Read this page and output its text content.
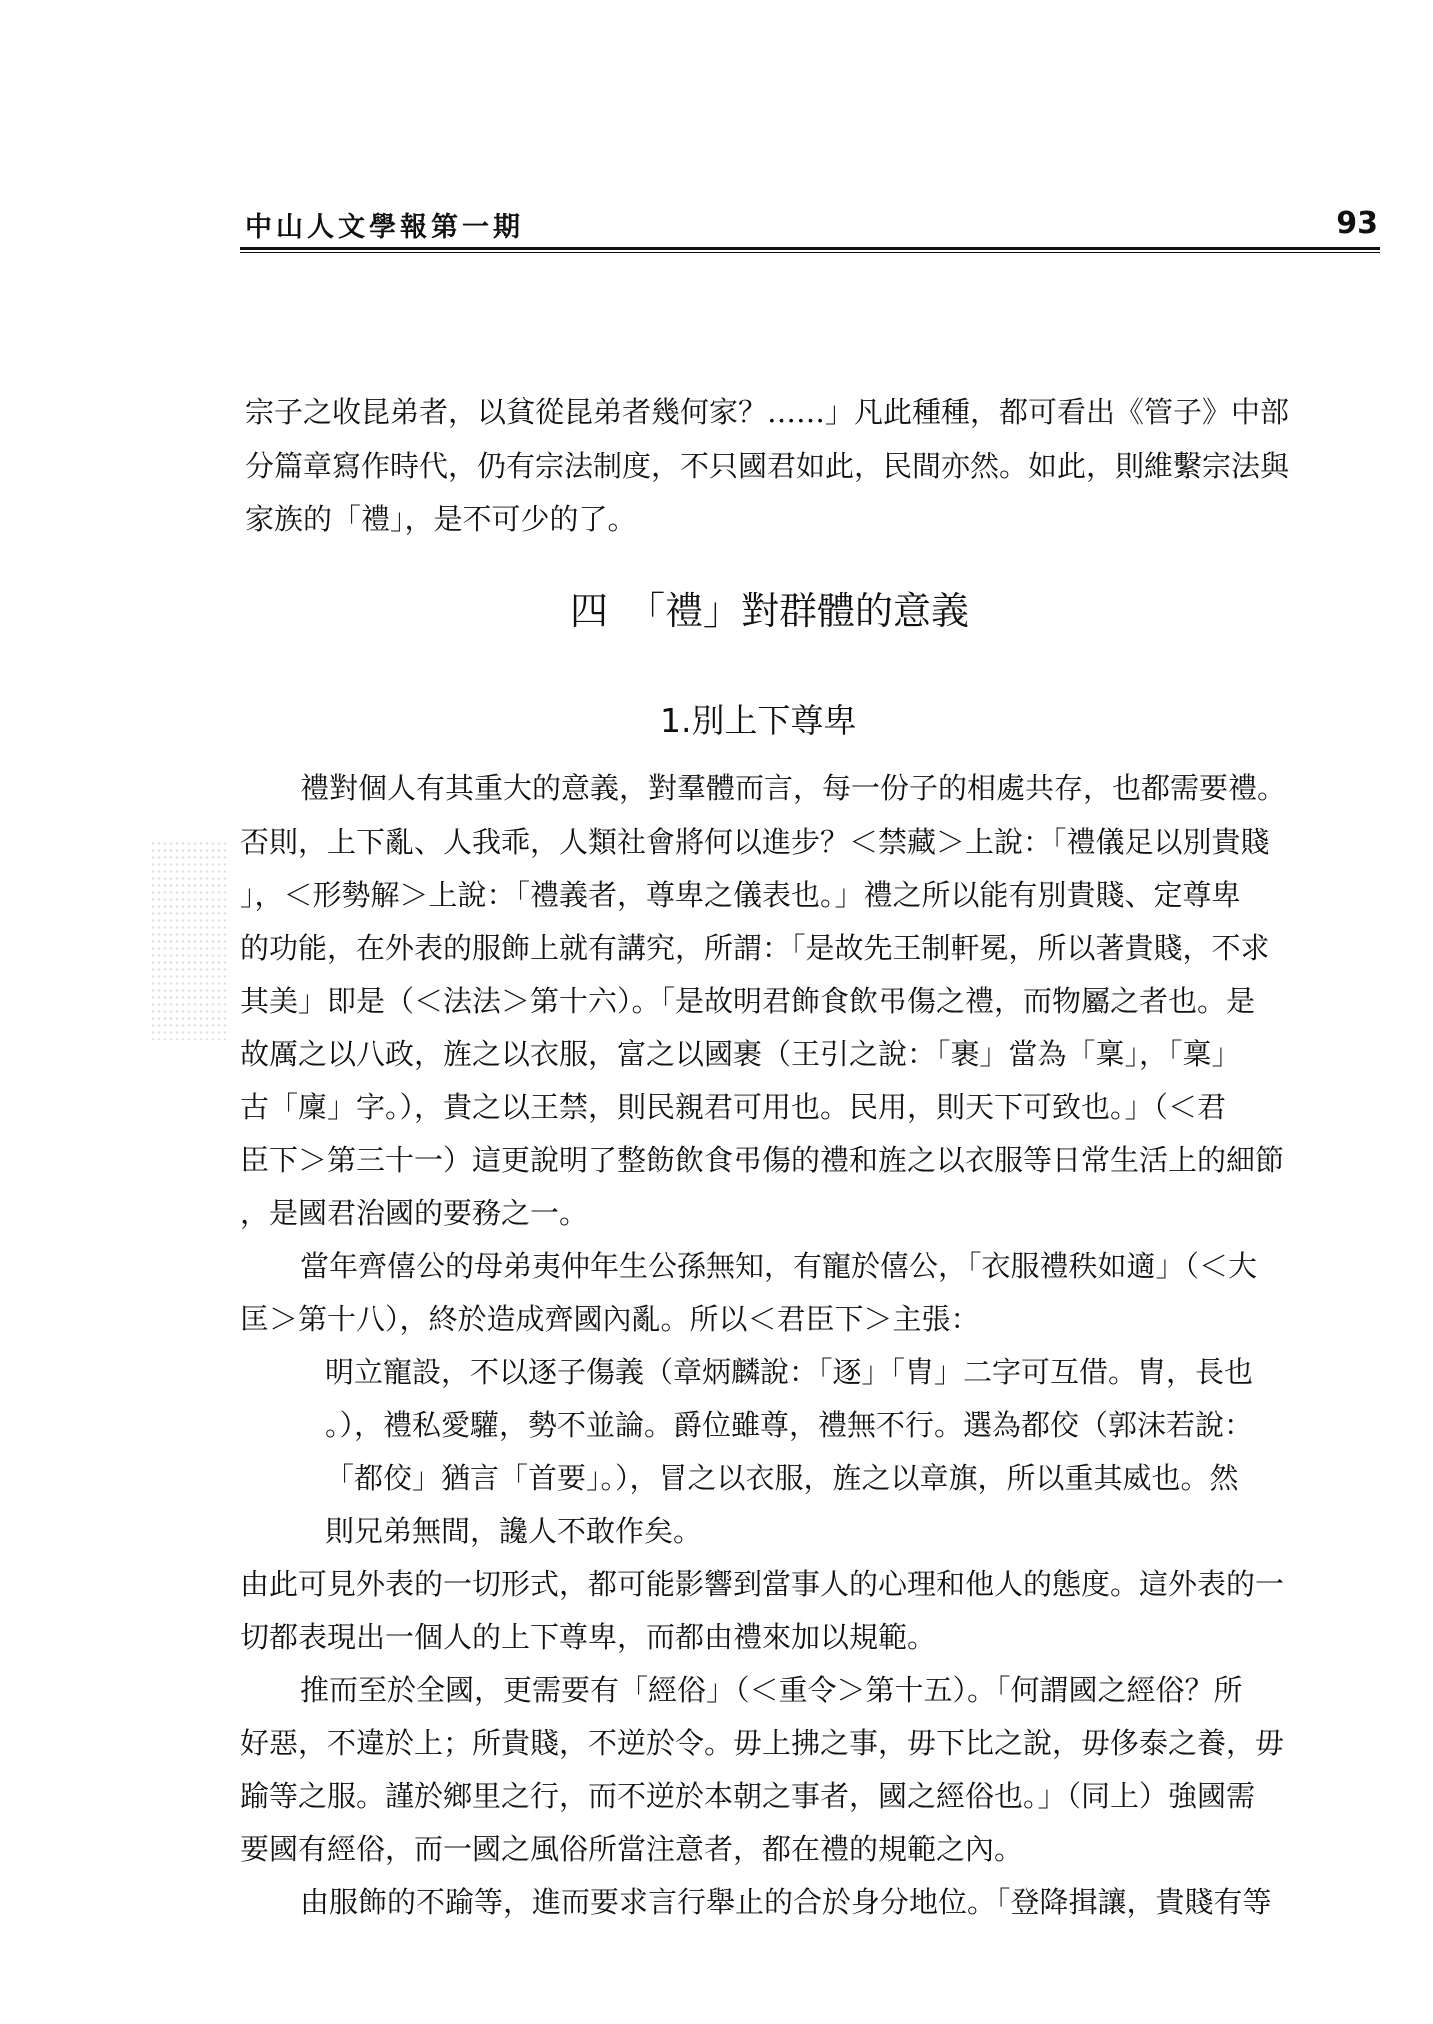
中山人文學報第一期	93

宗子之收昆弟者，以貧從昆弟者幾何家？……」凡此種種，都可看出《管子》中部

分篇章寫作時代，仍有宗法制度，不只國君如此，民間亦然。如此，則維繫宗法與

家族的「禮」，是不可少的了。

四　「禮」對群體的意義
1.別上下尊卑

禮對個人有其重大的意義，對羣體而言，每一份子的相處共存，也都需要禮。

否則，上下亂、人我乖，人類社會將何以進步？＜禁藏＞上說：「禮儀足以別貴賤

」，＜形勢解＞上說：「禮義者，尊卑之儀表也。」禮之所以能有別貴賤、定尊卑

的功能，在外表的服飾上就有講究，所謂：「是故先王制軒冕，所以著貴賤，不求

其美」即是（＜法法＞第十六）。「是故明君飾食飲弔傷之禮，而物屬之者也。是

故厲之以八政，旌之以衣服，富之以國裹（王引之說：「裹」當為「稟」，「稟」

古「廩」字。），貴之以王禁，則民親君可用也。民用，則天下可致也。」（＜君

臣下＞第三十一）這更說明了整飭飲食弔傷的禮和旌之以衣服等日常生活上的細節

，是國君治國的要務之一。

當年齊僖公的母弟夷仲年生公孫無知，有寵於僖公，「衣服禮秩如適」（＜大

匡＞第十八），終於造成齊國內亂。所以＜君臣下＞主張：

明立寵設，不以逐子傷義（章炳麟說：「逐」「胄」二字可互借。胄，長也

。），禮私愛驩，勢不並論。爵位雖尊，禮無不行。選為都佼（郭沫若說：

「都佼」猶言「首要」。），冒之以衣服，旌之以章旗，所以重其威也。然

則兄弟無間，讒人不敢作矣。

由此可見外表的一切形式，都可能影響到當事人的心理和他人的態度。這外表的一

切都表現出一個人的上下尊卑，而都由禮來加以規範。

推而至於全國，更需要有「經俗」（＜重令＞第十五）。「何謂國之經俗？所

好惡，不違於上；所貴賤，不逆於令。毋上拂之事，毋下比之說，毋侈泰之養，毋

踰等之服。謹於鄉里之行，而不逆於本朝之事者，國之經俗也。」（同上）強國需

要國有經俗，而一國之風俗所當注意者，都在禮的規範之內。

由服飾的不踰等，進而要求言行舉止的合於身分地位。「登降揖讓，貴賤有等
